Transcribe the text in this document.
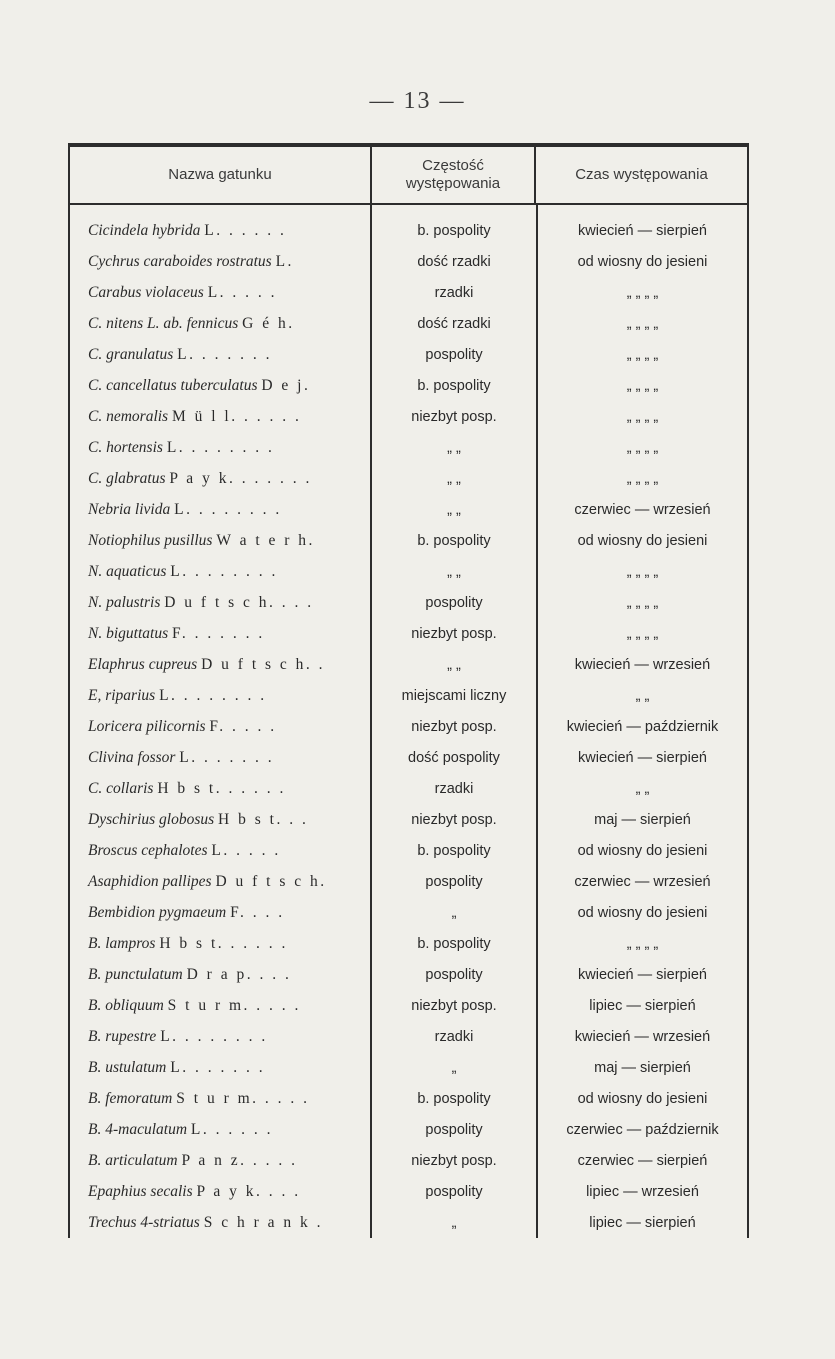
— 13 —
Nazwa gatunku
Częstość
występowania
Czas występowania
Cicindela hybrida L. . . . . .	b. pospolity	kwiecień — sierpień
Cychrus caraboides rostratus L.	dość rzadki	od wiosny do jesieni
Carabus violaceus L. . . . .	rzadki	„ „ „ „
C. nitens L. ab. fennicus G é h.	dość rzadki	„ „ „ „
C. granulatus L. . . . . . .	pospolity	„ „ „ „
C. cancellatus tuberculatus D e j.	b. pospolity	„ „ „ „
C. nemoralis M ü l l. . . . . .	niezbyt posp.	„ „ „ „
C. hortensis L. . . . . . . .	„ „	„ „ „ „
C. glabratus P a y k. . . . . . .	„ „	„ „ „ „
Nebria livida L. . . . . . . .	„ „	czerwiec — wrzesień
Notiophilus pusillus W a t e r h.	b. pospolity	od wiosny do jesieni
N. aquaticus L. . . . . . . .	„ „	„ „ „ „
N. palustris D u f t s c h. . . .	pospolity	„ „ „ „
N. biguttatus F. . . . . . .	niezbyt posp.	„ „ „ „
Elaphrus cupreus D u f t s c h. .	„ „	kwiecień — wrzesień
E, riparius L. . . . . . . .	miejscami liczny	„ „
Loricera pilicornis F. . . . .	niezbyt posp.	kwiecień — październik
Clivina fossor L. . . . . . .	dość pospolity	kwiecień — sierpień
C. collaris H b s t. . . . . .	rzadki	„ „
Dyschirius globosus H b s t. . .	niezbyt posp.	maj — sierpień
Broscus cephalotes L. . . . .	b. pospolity	od wiosny do jesieni
Asaphidion pallipes D u f t s c h.	pospolity	czerwiec — wrzesień
Bembidion pygmaeum F. . . .	„	od wiosny do jesieni
B. lampros H b s t. . . . . .	b. pospolity	„ „ „ „
B. punctulatum D r a p. . . .	pospolity	kwiecień — sierpień
B. obliquum S t u r m. . . . .	niezbyt posp.	lipiec — sierpień
B. rupestre L. . . . . . . .	rzadki	kwiecień — wrzesień
B. ustulatum L. . . . . . .	„	maj — sierpień
B. femoratum S t u r m. . . . .	b. pospolity	od wiosny do jesieni
B. 4-maculatum L. . . . . .	pospolity	czerwiec — październik
B. articulatum P a n z. . . . .	niezbyt posp.	czerwiec — sierpień
Epaphius secalis P a y k. . . .	pospolity	lipiec — wrzesień
Trechus 4-striatus S c h r a n k .	„	lipiec — sierpień
